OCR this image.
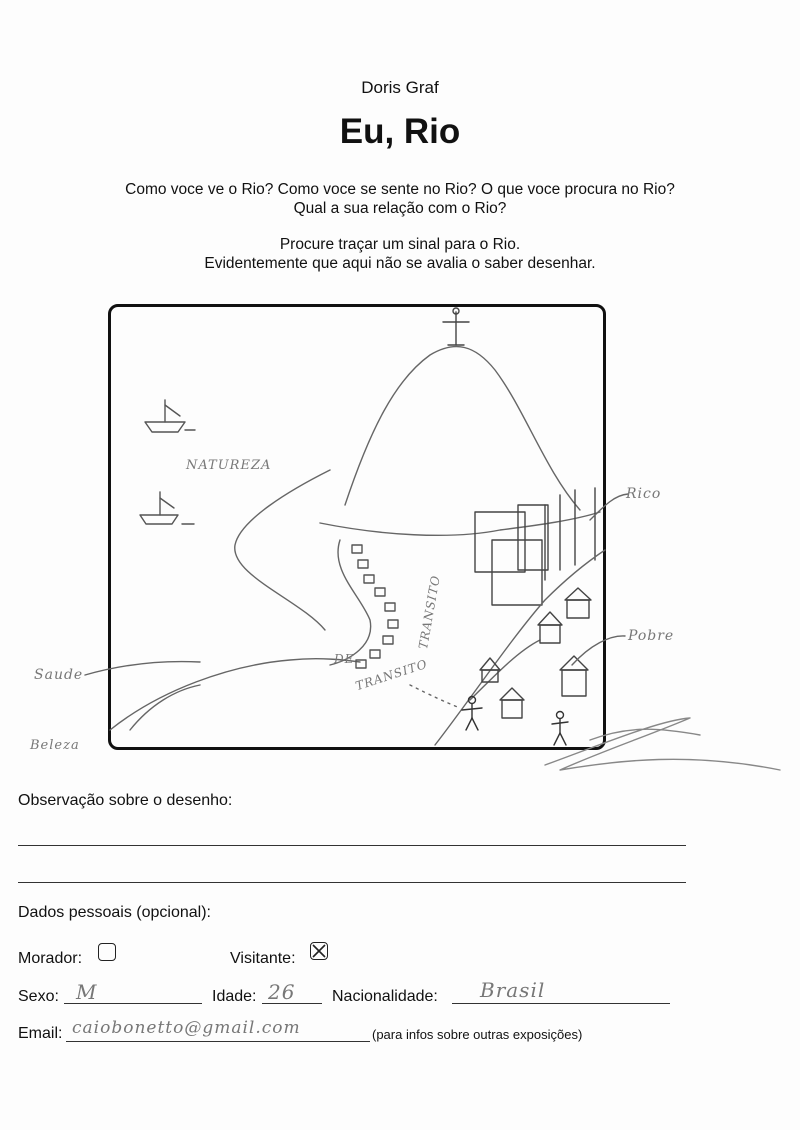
Doris Graf
Eu, Rio
Como voce ve o Rio? Como voce se sente no Rio? O que voce procura no Rio?
Qual a sua relação com o Rio?
Procure traçar um sinal para o Rio.
Evidentemente que aqui não se avalia o saber desenhar.
NATUREZA
Rico
Pobre
Saude
Beleza
DE
TRANSITO
TRANSITO
Observação sobre o desenho:
Dados pessoais (opcional):
Morador:	Visitante:
Sexo: M	Idade: 26 Nacionalidade: Brasil
Email: caiobonetto@gmail.com	(para infos sobre outras exposições)
